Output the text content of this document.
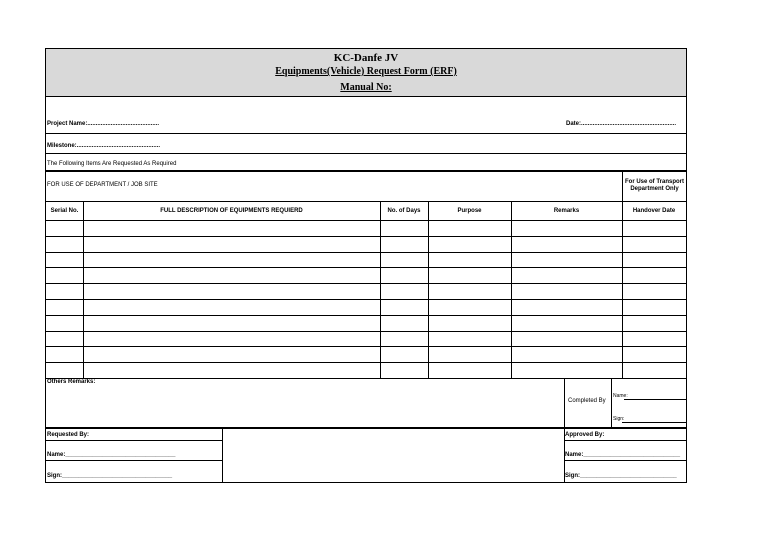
KC-Danfe JV
Equipments(Vehicle) Request Form (ERF)
Manual No:
Project Name:...........................................	Date:.........................................................
Milestone:..................................................
The Following Items Are Requested As Required
FOR USE OF DEPARTMENT / JOB SITE	For Use of Transport Department Only
Serial No.	FULL DESCRIPTION OF EQUIPMENTS REQUIERD	No. of Days	Purpose	Remarks	Handover Date
Others Remarks:
Completed By
Name:
Sign:
Requested By:
Name:_________________________________
Sign:_________________________________
Approved By:
Name:_____________________________
Sign:_____________________________
